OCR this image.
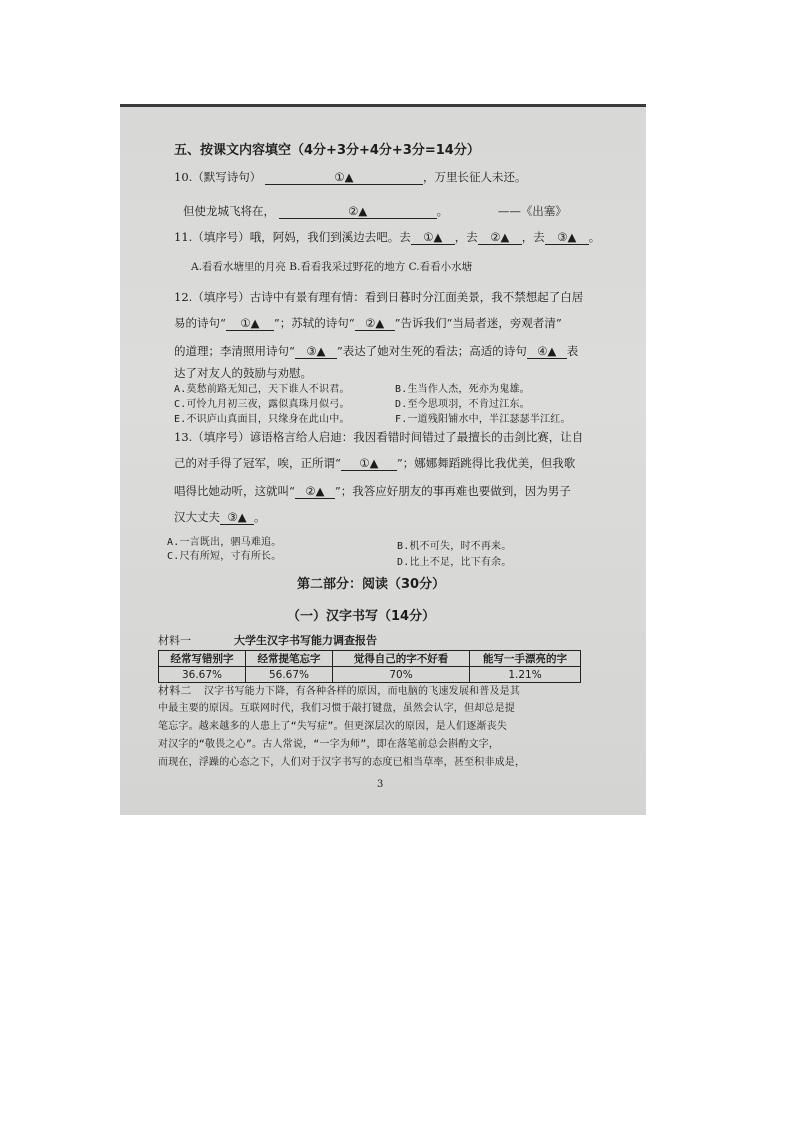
五、按课文内容填空（4分+3分+4分+3分=14分）
10.（默写诗句）	①▲	，万里长征人未还。
但使龙城飞将在，	②▲	。	——《出塞》
11.（填序号）哦，阿妈，我们到溪边去吧。去 ①▲ ，去 ②▲ ，去 ③▲ 。
A.看看水塘里的月亮 B.看看我采过野花的地方 C.看看小水塘
12.（填序号）古诗中有景有理有情：看到日暮时分江面美景，我不禁想起了白居
易的诗句“ ①▲ ”；苏轼的诗句“ ②▲ ”告诉我们“当局者迷，旁观者清”
的道理；李清照用诗句“ ③▲ ”表达了她对生死的看法；高适的诗句 ④▲ 表
达了对友人的鼓励与劝慰。
A.莫愁前路无知己，天下谁人不识君。	B.生当作人杰，死亦为鬼雄。
C.可怜九月初三夜，露似真珠月似弓。	D.至今思项羽，不肯过江东。
E.不识庐山真面目，只缘身在此山中。	F.一道残阳铺水中，半江瑟瑟半江红。
13.（填序号）谚语格言给人启迪：我因看错时间错过了最擅长的击剑比赛，让自
己的对手得了冠军，唉，正所谓“ ①▲ ”；娜娜舞蹈跳得比我优美，但我歌
唱得比她动听，这就叫“ ②▲ ”；我答应好朋友的事再难也要做到，因为男子
汉大丈夫 ③▲ 。
A.一言既出，驷马难追。	B.机不可失，时不再来。
C.尺有所短，寸有所长。
D.比上不足，比下有余。
第二部分：阅读（30分）
（一）汉字书写（14分）
材料一	大学生汉字书写能力调查报告
经常写错别字	经常提笔忘字	觉得自己的字不好看	能写一手漂亮的字
36.67%	56.67%	70%	1.21%
材料二 汉字书写能力下降，有各种各样的原因，而电脑的飞速发展和普及是其
中最主要的原因。互联网时代，我们习惯于敲打键盘，虽然会认字，但却总是提
笔忘字。越来越多的人患上了“失写症”。但更深层次的原因，是人们逐渐丧失
对汉字的“敬畏之心”。古人常说，“一字为师”，即在落笔前总会斟酌文字，
而现在，浮躁的心态之下，人们对于汉字书写的态度已相当草率，甚至积非成是，
3
